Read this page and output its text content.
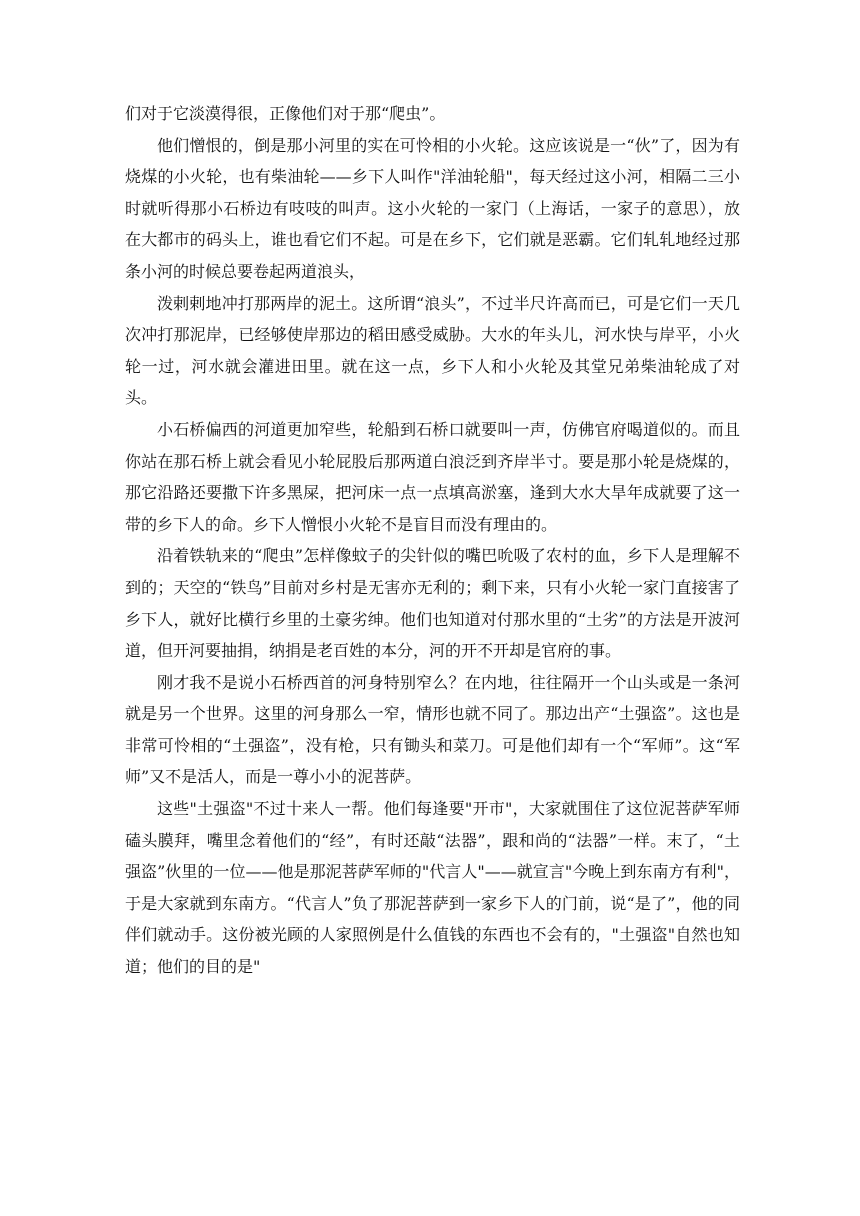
们对于它淡漠得很，正像他们对于那“爬虫”。

他们憎恨的，倒是那小河里的实在可怜相的小火轮。这应该说是一“伙”了，因为有烧煤的小火轮，也有柴油轮——乡下人叫作"洋油轮船"，每天经过这小河，相隔二三小时就听得那小石桥边有吱吱的叫声。这小火轮的一家门（上海话，一家子的意思），放在大都市的码头上，谁也看它们不起。可是在乡下，它们就是恶霸。它们轧轧地经过那条小河的时候总要卷起两道浪头，

泼剌剌地冲打那两岸的泥土。这所谓“浪头”，不过半尺许高而已，可是它们一天几次冲打那泥岸，已经够使岸那边的稻田感受威胁。大水的年头儿，河水快与岸平，小火轮一过，河水就会灌进田里。就在这一点，乡下人和小火轮及其堂兄弟柴油轮成了对头。

小石桥偏西的河道更加窄些，轮船到石桥口就要叫一声，仿佛官府喝道似的。而且你站在那石桥上就会看见小轮屁股后那两道白浪泛到齐岸半寸。要是那小轮是烧煤的，那它沿路还要撒下许多黑屎，把河床一点一点填高淤塞，逢到大水大旱年成就要了这一带的乡下人的命。乡下人憎恨小火轮不是盲目而没有理由的。

沿着铁轨来的“爬虫”怎样像蚊子的尖针似的嘴巴吮吸了农村的血，乡下人是理解不到的；天空的“铁鸟”目前对乡村是无害亦无利的；剩下来，只有小火轮一家门直接害了乡下人，就好比横行乡里的土豪劣绅。他们也知道对付那水里的“土劣”的方法是开波河道，但开河要抽捐，纳捐是老百姓的本分，河的开不开却是官府的事。

刚才我不是说小石桥西首的河身特别窄么？在内地，往往隔开一个山头或是一条河就是另一个世界。这里的河身那么一窄，情形也就不同了。那边出产“土强盗”。这也是非常可怜相的“土强盗”，没有枪，只有锄头和菜刀。可是他们却有一个“军师”。这“军师”又不是活人，而是一尊小小的泥菩萨。

这些"土强盗"不过十来人一帮。他们每逢要"开市"，大家就围住了这位泥菩萨军师磕头膜拜，嘴里念着他们的“经”，有时还敲“法器”，跟和尚的“法器”一样。末了，“土强盗”伙里的一位——他是那泥菩萨军师的"代言人"——就宣言"今晚上到东南方有利"，于是大家就到东南方。“代言人”负了那泥菩萨到一家乡下人的门前，说“是了”，他的同伴们就动手。这份被光顾的人家照例是什么值钱的东西也不会有的，"土强盗"自然也知道；他们的目的是"
